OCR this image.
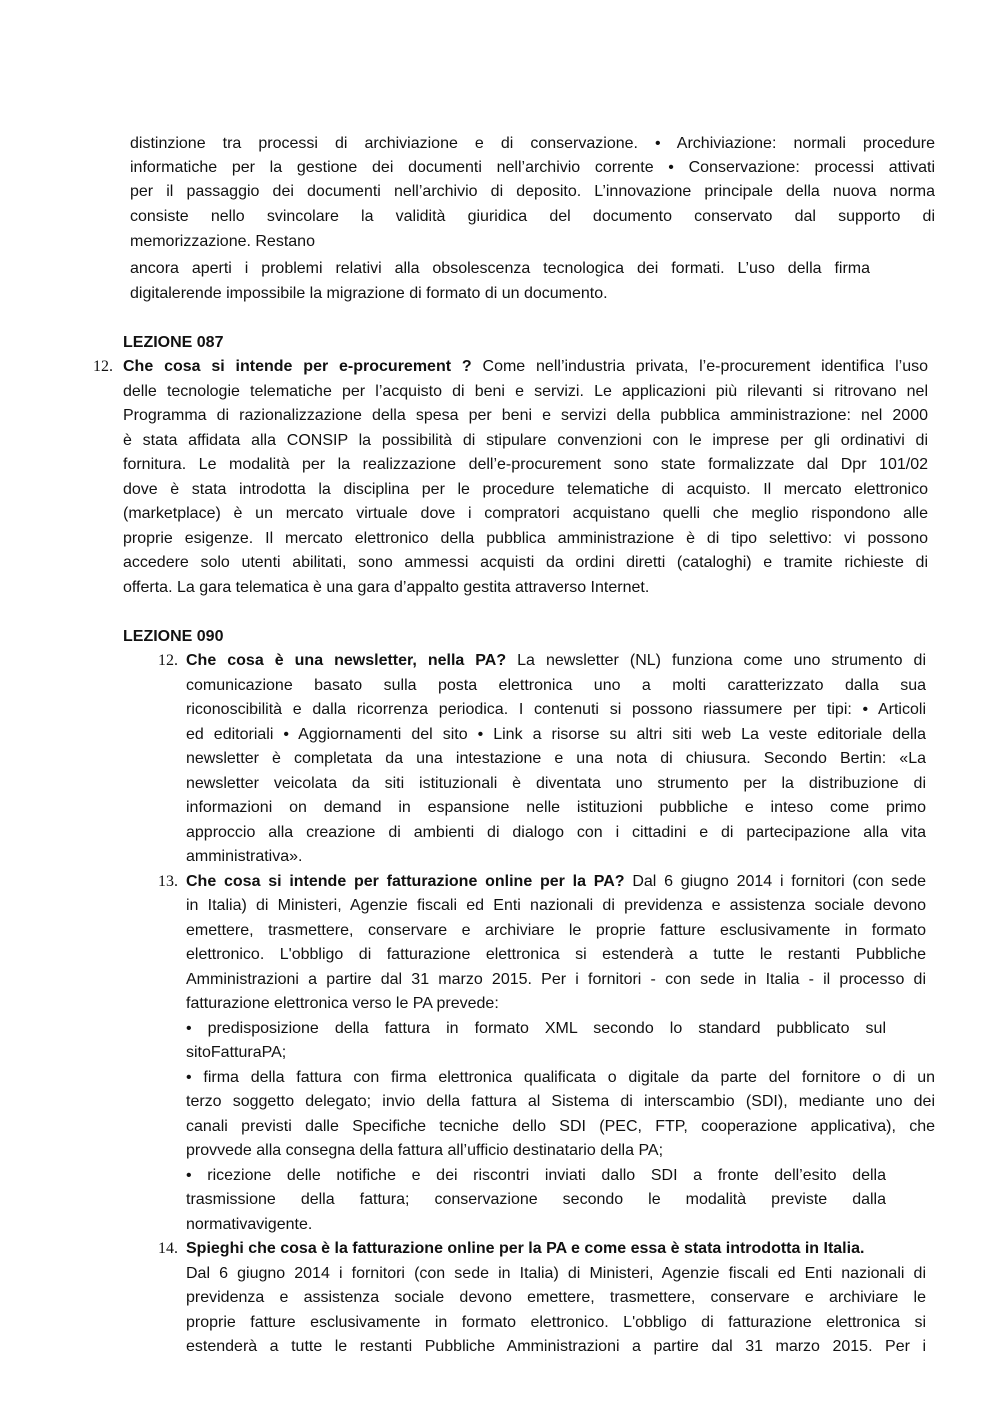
distinzione tra processi di archiviazione e di conservazione. • Archiviazione: normali procedure

informatiche per la gestione dei documenti nell’archivio corrente • Conservazione: processi attivati

per il passaggio dei documenti nell’archivio di deposito. L’innovazione principale della nuova norma

consiste nello svincolare la validità giuridica del documento conservato dal supporto di

memorizzazione. Restano

ancora aperti i problemi relativi alla obsolescenza tecnologica dei formati. L’uso della firma

digitalerende impossibile la migrazione di formato di un documento.

LEZIONE 087
12. Che cosa si intende per e-procurement ? Come nell’industria privata, l’e-procurement identifica l’uso

delle tecnologie telematiche per l’acquisto di beni e servizi. Le applicazioni più rilevanti si ritrovano nel

Programma di razionalizzazione della spesa per beni e servizi della pubblica amministrazione: nel 2000

è stata affidata alla CONSIP la possibilità di stipulare convenzioni con le imprese per gli ordinativi di

fornitura. Le modalità per la realizzazione dell’e-procurement sono state formalizzate dal Dpr 101/02

dove è stata introdotta la disciplina per le procedure telematiche di acquisto. Il mercato elettronico

(marketplace) è un mercato virtuale dove i compratori acquistano quelli che meglio rispondono alle

proprie esigenze. Il mercato elettronico della pubblica amministrazione è di tipo selettivo: vi possono

accedere solo utenti abilitati, sono ammessi acquisti da ordini diretti (cataloghi) e tramite richieste di

offerta. La gara telematica è una gara d’appalto gestita attraverso Internet.

LEZIONE 090
12. Che cosa è una newsletter, nella PA? La newsletter (NL) funziona come uno strumento di

comunicazione basato sulla posta elettronica uno a molti caratterizzato dalla sua

riconoscibilità e dalla ricorrenza periodica. I contenuti si possono riassumere per tipi: • Articoli

ed editoriali • Aggiornamenti del sito • Link a risorse su altri siti web La veste editoriale della

newsletter è completata da una intestazione e una nota di chiusura. Secondo Bertin: «La

newsletter veicolata da siti istituzionali è diventata uno strumento per la distribuzione di

informazioni on demand in espansione nelle istituzioni pubbliche e inteso come primo

approccio alla creazione di ambienti di dialogo con i cittadini e di partecipazione alla vita

amministrativa».

13. Che cosa si intende per fatturazione online per la PA? Dal 6 giugno 2014 i fornitori (con sede

in Italia) di Ministeri, Agenzie fiscali ed Enti nazionali di previdenza e assistenza sociale devono

emettere, trasmettere, conservare e archiviare le proprie fatture esclusivamente in formato

elettronico. L'obbligo di fatturazione elettronica si estenderà a tutte le restanti Pubbliche

Amministrazioni a partire dal 31 marzo 2015. Per i fornitori - con sede in Italia - il processo di

fatturazione elettronica verso le PA prevede:

• predisposizione della fattura in formato XML secondo lo standard pubblicato sul

sitoFatturaPA;

• firma della fattura con firma elettronica qualificata o digitale da parte del fornitore o di un

terzo soggetto delegato; invio della fattura al Sistema di interscambio (SDI), mediante uno dei

canali previsti dalle Specifiche tecniche dello SDI (PEC, FTP, cooperazione applicativa), che

provvede alla consegna della fattura all’ufficio destinatario della PA;

• ricezione delle notifiche e dei riscontri inviati dallo SDI a fronte dell’esito della

trasmissione della fattura; conservazione secondo le modalità previste dalla

normativavigente.

14. Spieghi che cosa è la fatturazione online per la PA e come essa è stata introdotta in Italia.

Dal 6 giugno 2014 i fornitori (con sede in Italia) di Ministeri, Agenzie fiscali ed Enti nazionali di

previdenza e assistenza sociale devono emettere, trasmettere, conservare e archiviare le

proprie fatture esclusivamente in formato elettronico. L'obbligo di fatturazione elettronica si

estenderà a tutte le restanti Pubbliche Amministrazioni a partire dal 31 marzo 2015. Per i
